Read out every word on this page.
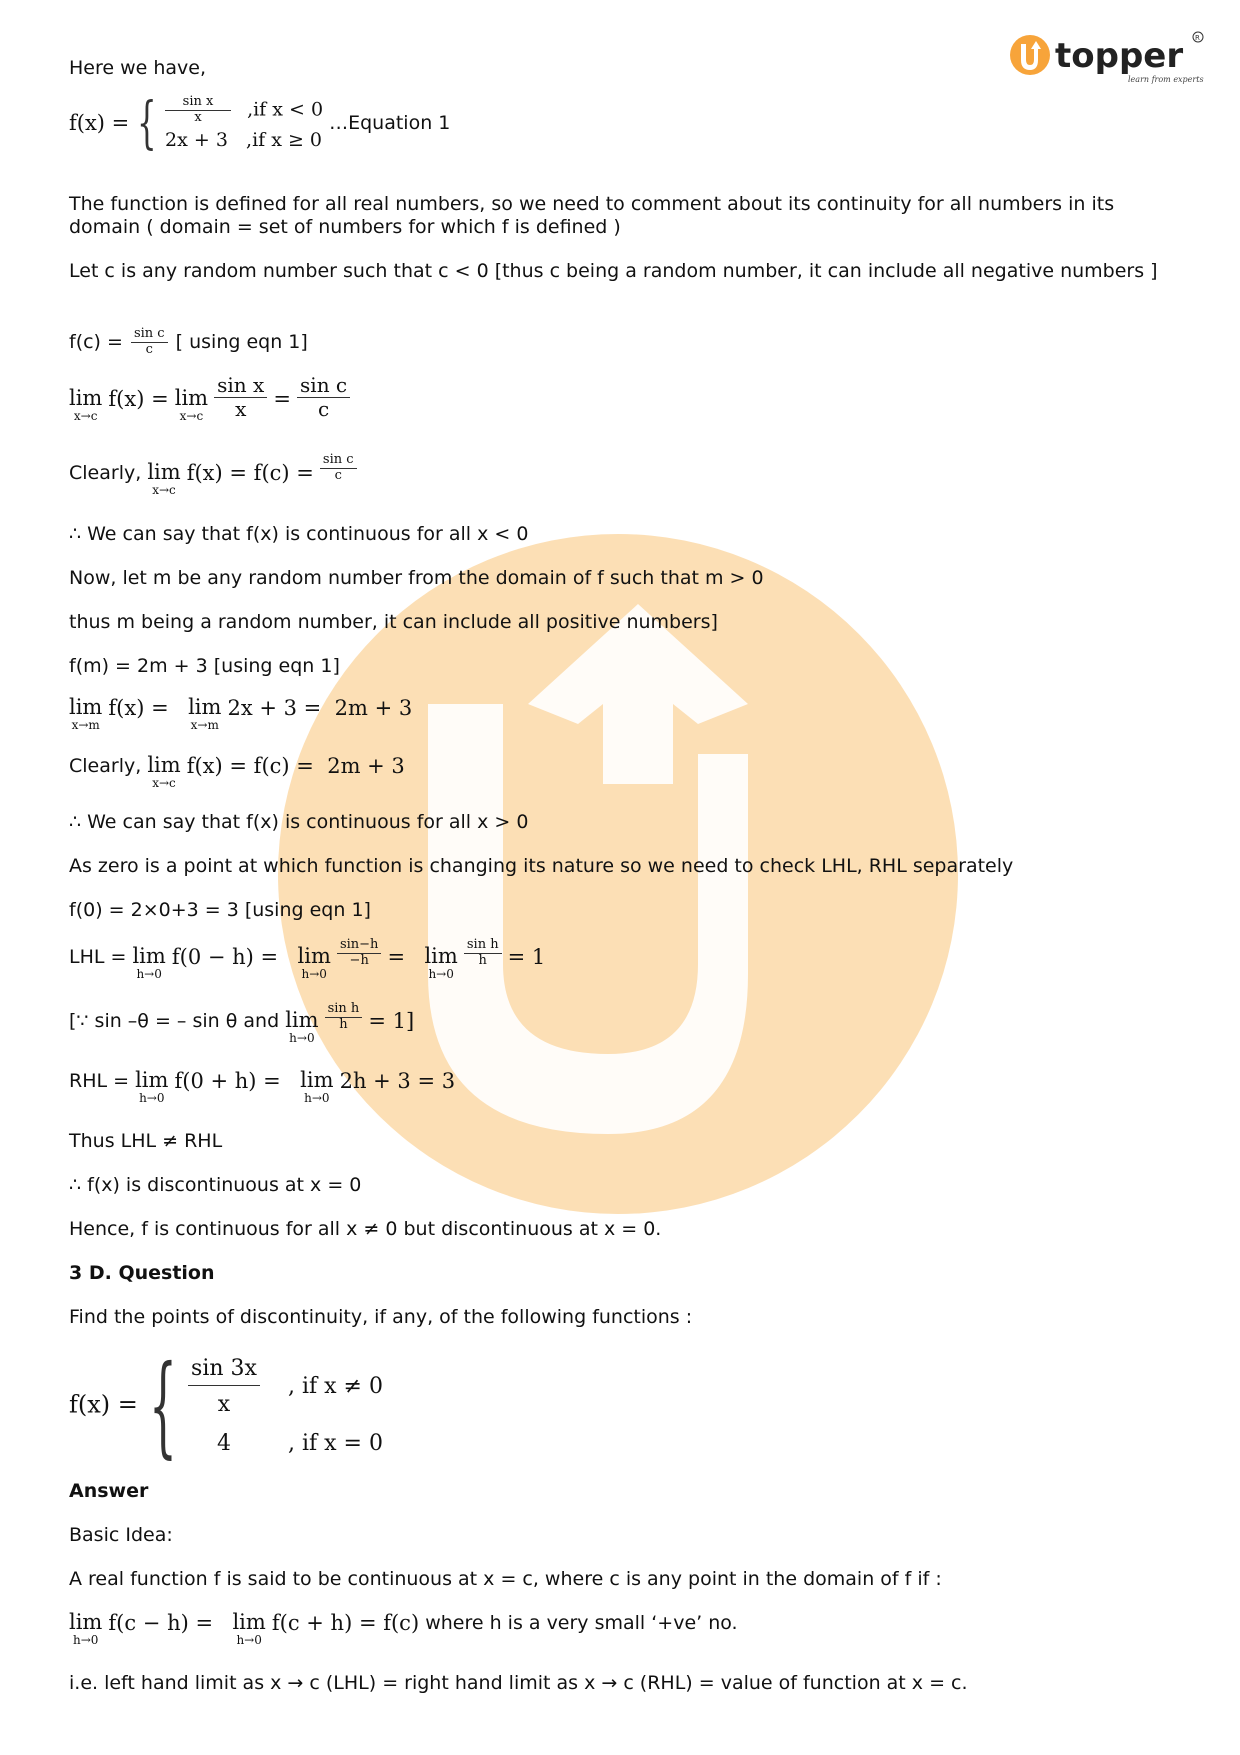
topper
learn from experts
R
Here we have,
f(x) = { $\frac{\text{sin x}}{x} ,if$ x < 0
2x + 3   ,if x ≥ 0
…Equation 1
The function is defined for all real numbers, so we need to comment about its continuity for all numbers in its domain ( domain = set of numbers for which f is defined )
Let c is any random number such that c < 0 [thus c being a random number, it can include all negative numbers ]
$f(c) = \frac{\text{sin c}}{c}$ [ using eqn 1]
lim
x→c
f(x) = lim
x→c
$\frac{\text{sin x}}{x} = \frac{\text{sin c}}{c}$
Clearly, lim
x→c
$f(x) = f(c) = \frac{\text{sin c}}{c}$
∴ We can say that f(x) is continuous for all x < 0
Now, let m be any random number from the domain of f such that m > 0
thus m being a random number, it can include all positive numbers]
f(m) = 2m + 3 [using eqn 1]
lim
x→m
f(x) = lim
x→m
2x + 3 =  2m + 3
Clearly, lim
x→c
f(x) = f(c) =  2m + 3
∴ We can say that f(x) is continuous for all x > 0
As zero is a point at which function is changing its nature so we need to check LHL, RHL separately
f(0) = 2×0+3 = 3 [using eqn 1]
LHL = lim
h→0
f(0 − h) = lim
h→0

$\frac{\sin-h}{-h} = \lim$
h→0

$\frac{\text{sin h}}{h} = 1$
[∵ sin –θ = – sin θ and lim
h→0

$\frac{\text{sin h}}{h} = 1$]
RHL = lim
h→0
f(0 + h) = lim
h→0
2h + 3 = 3
Thus LHL ≠ RHL
∴ f(x) is discontinuous at x = 0
Hence, f is continuous for all x ≠ 0 but discontinuous at x = 0.
3 D. Question
Find the points of discontinuity, if any, of the following functions :
f(x) = { $\frac{\sin 3x}{x}$ , if x ≠ 0
4	, if x = 0
Answer
Basic Idea:
A real function f is said to be continuous at x = c, where c is any point in the domain of f if :
lim
h→0
f(c − h) = lim
h→0
f(c + h) = f(c) where h is a very small ‘+ve’ no.
i.e. left hand limit as x → c (LHL) = right hand limit as x → c (RHL) = value of function at x = c.
